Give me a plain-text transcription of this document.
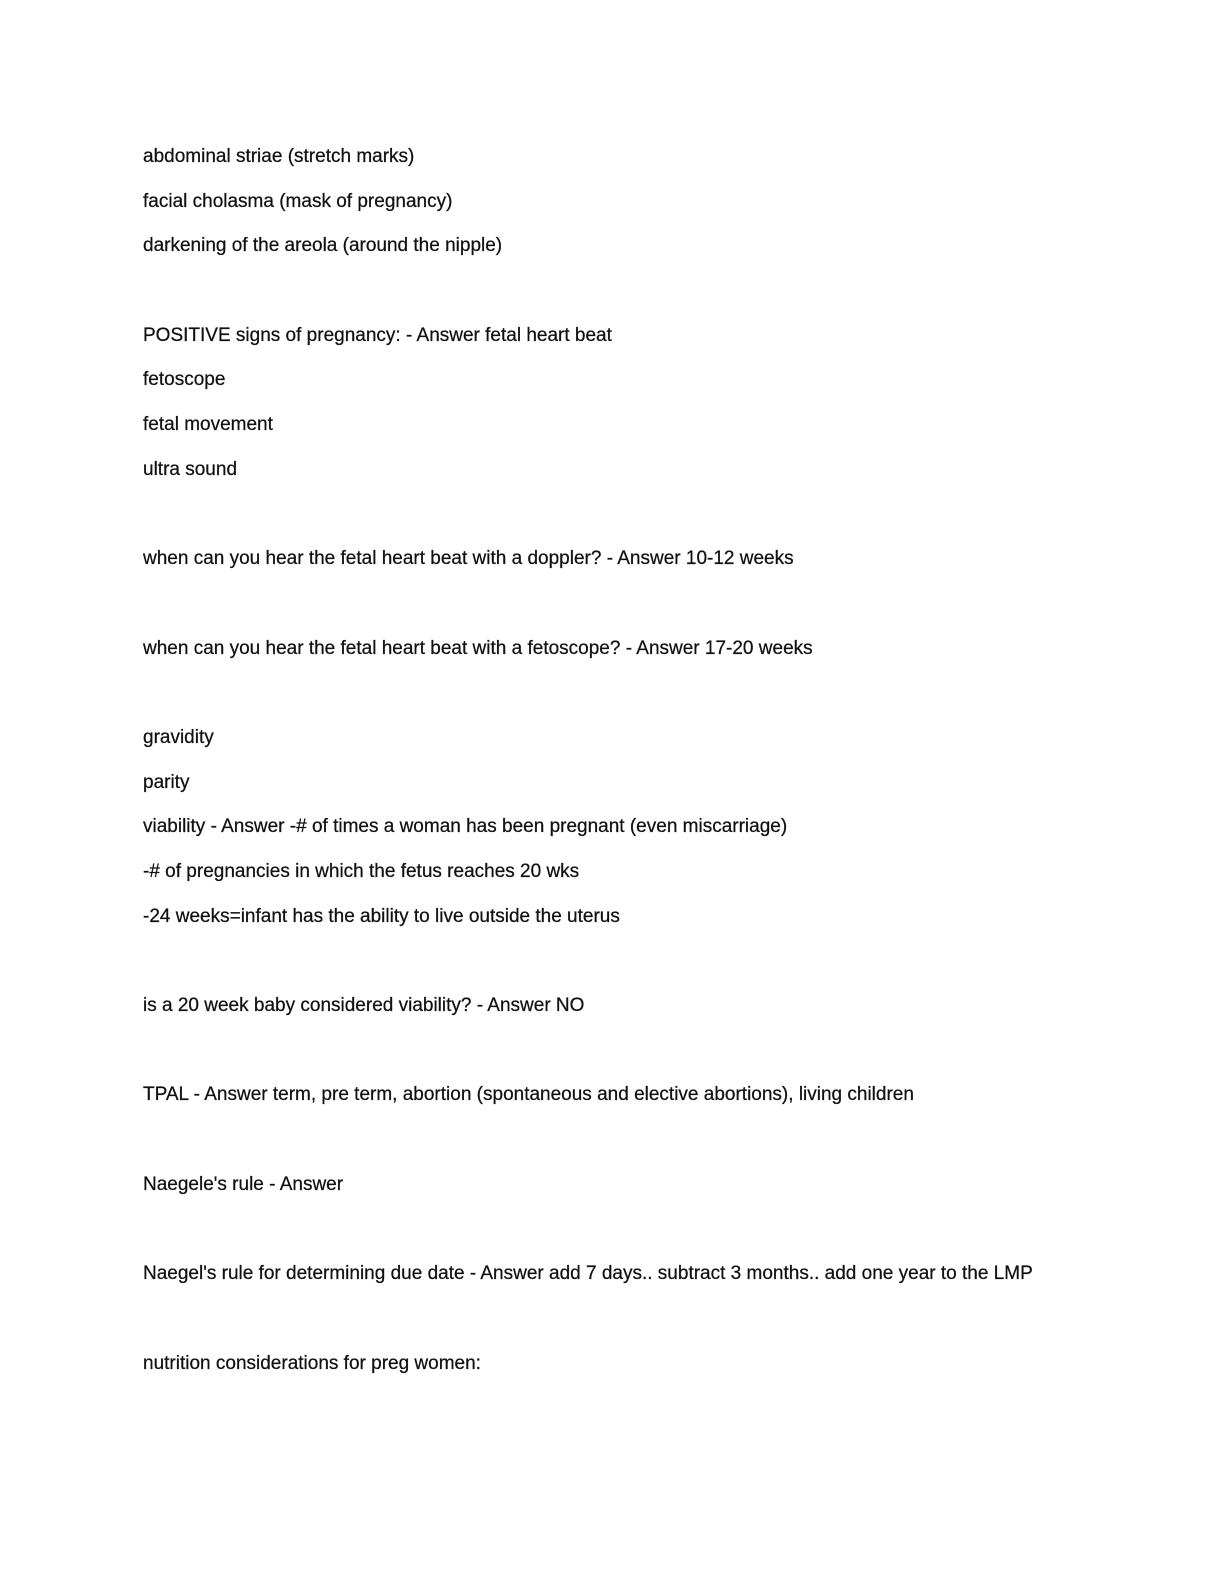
abdominal striae (stretch marks)
facial cholasma (mask of pregnancy)
darkening of the areola (around the nipple)
POSITIVE signs of pregnancy: - Answer fetal heart beat
fetoscope
fetal movement
ultra sound
when can you hear the fetal heart beat with a doppler? - Answer 10-12 weeks
when can you hear the fetal heart beat with a fetoscope? - Answer 17-20 weeks
gravidity
parity
viability - Answer -# of times a woman has been pregnant (even miscarriage)
-# of pregnancies in which the fetus reaches 20 wks
-24 weeks=infant has the ability to live outside the uterus
is a 20 week baby considered viability? - Answer NO
TPAL - Answer term, pre term, abortion (spontaneous and elective abortions), living children
Naegele's rule - Answer
Naegel's rule for determining due date - Answer add 7 days.. subtract 3 months.. add one year to the LMP
nutrition considerations for preg women:
